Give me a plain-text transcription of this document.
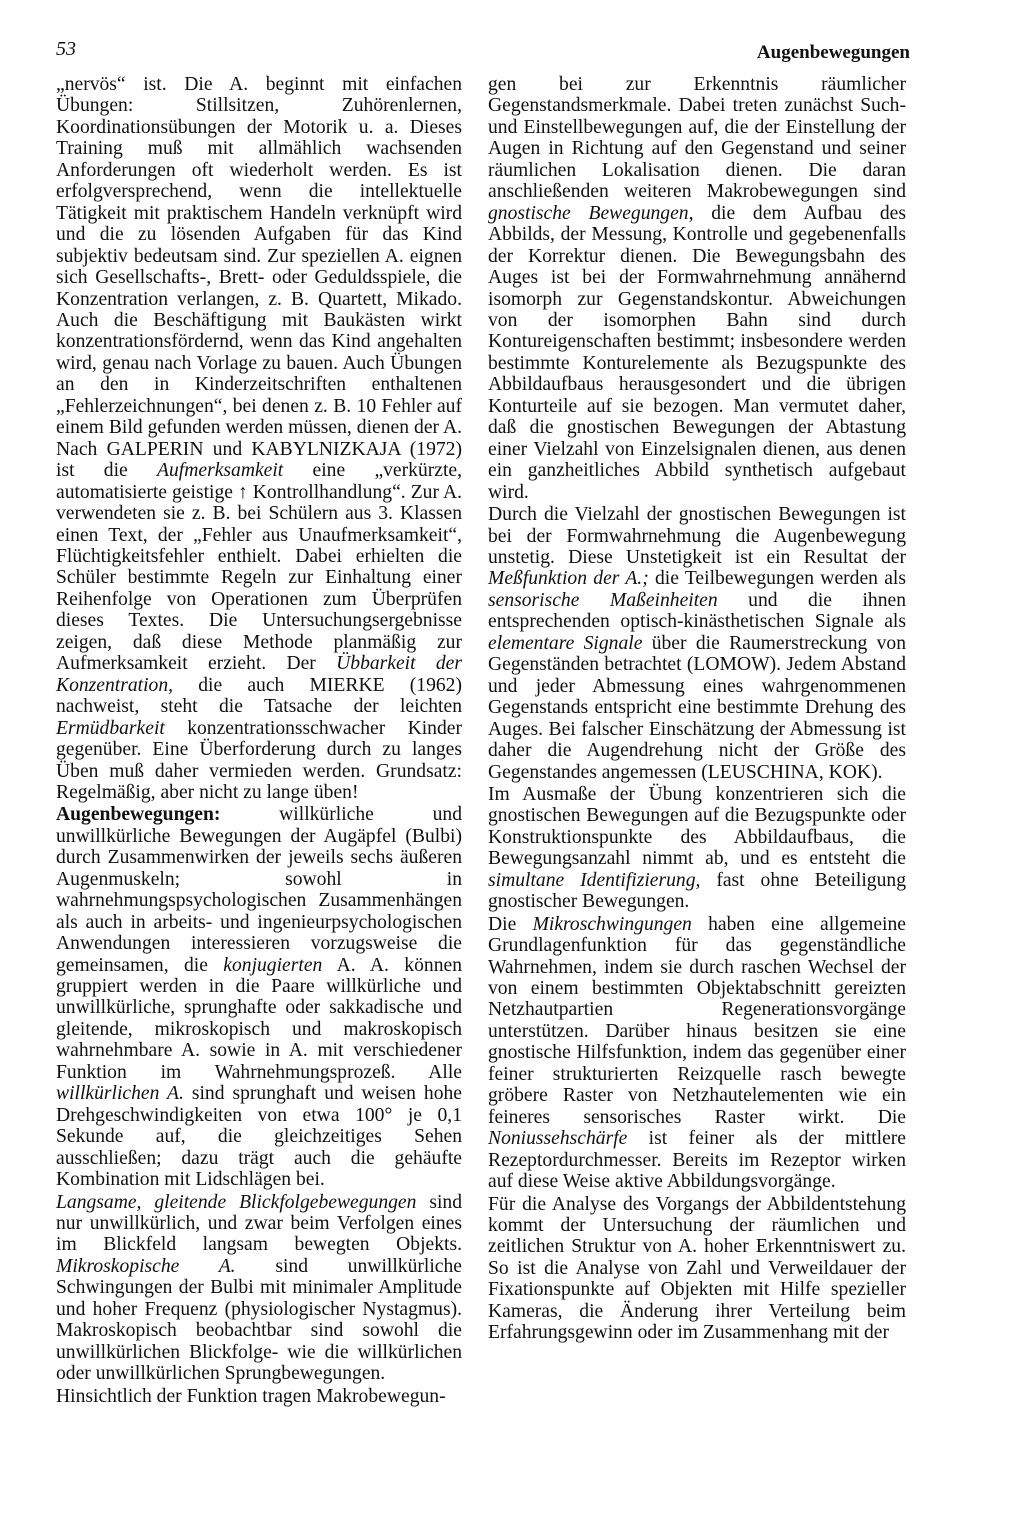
53	Augenbewegungen

„nervös“ ist. Die A. beginnt mit einfachen Übungen: Stillsitzen, Zuhörenlernen, Koordinationsübungen der Motorik u. a. Dieses Training muß mit allmählich wachsenden Anforderungen oft wiederholt werden. Es ist erfolgversprechend, wenn die intellektuelle Tätigkeit mit praktischem Handeln verknüpft wird und die zu lösenden Aufgaben für das Kind subjektiv bedeutsam sind. Zur speziellen A. eignen sich Gesellschafts-, Brett- oder Geduldsspiele, die Konzentration verlangen, z. B. Quartett, Mikado. Auch die Beschäftigung mit Baukästen wirkt konzentrationsfördernd, wenn das Kind angehalten wird, genau nach Vorlage zu bauen. Auch Übungen an den in Kinderzeitschriften enthaltenen „Fehlerzeichnungen“, bei denen z. B. 10 Fehler auf einem Bild gefunden werden müssen, dienen der A. Nach GALPERIN und KABYLNIZKAJA (1972) ist die Aufmerksamkeit eine „verkürzte, automatisierte geistige ↑ Kontrollhandlung“. Zur A. verwendeten sie z. B. bei Schülern aus 3. Klassen einen Text, der „Fehler aus Unaufmerksamkeit“, Flüchtigkeitsfehler enthielt. Dabei erhielten die Schüler bestimmte Regeln zur Einhaltung einer Reihenfolge von Operationen zum Überprüfen dieses Textes. Die Untersuchungsergebnisse zeigen, daß diese Methode planmäßig zur Aufmerksamkeit erzieht. Der Übbarkeit der Konzentration, die auch MIERKE (1962) nachweist, steht die Tatsache der leichten Ermüdbarkeit konzentrationsschwacher Kinder gegenüber. Eine Überforderung durch zu langes Üben muß daher vermieden werden. Grundsatz: Regelmäßig, aber nicht zu lange üben!

Augenbewegungen: willkürliche und unwillkürliche Bewegungen der Augäpfel (Bulbi) durch Zusammenwirken der jeweils sechs äußeren Augenmuskeln; sowohl in wahrnehmungspsychologischen Zusammenhängen als auch in arbeits- und ingenieurpsychologischen Anwendungen interessieren vorzugsweise die gemeinsamen, die konjugierten A. A. können gruppiert werden in die Paare willkürliche und unwillkürliche, sprunghafte oder sakkadische und gleitende, mikroskopisch und makroskopisch wahrnehmbare A. sowie in A. mit verschiedener Funktion im Wahrnehmungsprozeß. Alle willkürlichen A. sind sprunghaft und weisen hohe Drehgeschwindigkeiten von etwa 100° je 0,1 Sekunde auf, die gleichzeitiges Sehen ausschließen; dazu trägt auch die gehäufte Kombination mit Lidschlägen bei.

Langsame, gleitende Blickfolgebewegungen sind nur unwillkürlich, und zwar beim Verfolgen eines im Blickfeld langsam bewegten Objekts. Mikroskopische A. sind unwillkürliche Schwingungen der Bulbi mit minimaler Amplitude und hoher Frequenz (physiologischer Nystagmus). Makroskopisch beobachtbar sind sowohl die unwillkürlichen Blickfolge- wie die willkürlichen oder unwillkürlichen Sprungbewegungen.

Hinsichtlich der Funktion tragen Makrobewegun-

gen bei zur Erkenntnis räumlicher Gegenstandsmerkmale. Dabei treten zunächst Such- und Einstellbewegungen auf, die der Einstellung der Augen in Richtung auf den Gegenstand und seiner räumlichen Lokalisation dienen. Die daran anschließenden weiteren Makrobewegungen sind gnostische Bewegungen, die dem Aufbau des Abbilds, der Messung, Kontrolle und gegebenenfalls der Korrektur dienen. Die Bewegungsbahn des Auges ist bei der Formwahrnehmung annähernd isomorph zur Gegenstandskontur. Abweichungen von der isomorphen Bahn sind durch Kontureigenschaften bestimmt; insbesondere werden bestimmte Konturelemente als Bezugspunkte des Abbildaufbaus herausgesondert und die übrigen Konturteile auf sie bezogen. Man vermutet daher, daß die gnostischen Bewegungen der Abtastung einer Vielzahl von Einzelsignalen dienen, aus denen ein ganzheitliches Abbild synthetisch aufgebaut wird.

Durch die Vielzahl der gnostischen Bewegungen ist bei der Formwahrnehmung die Augenbewegung unstetig. Diese Unstetigkeit ist ein Resultat der Meßfunktion der A.; die Teilbewegungen werden als sensorische Maßeinheiten und die ihnen entsprechenden optisch-kinästhetischen Signale als elementare Signale über die Raumerstreckung von Gegenständen betrachtet (LOMOW). Jedem Abstand und jeder Abmessung eines wahrgenommenen Gegenstands entspricht eine bestimmte Drehung des Auges. Bei falscher Einschätzung der Abmessung ist daher die Augendrehung nicht der Größe des Gegenstandes angemessen (LEUSCHINA, KOK).

Im Ausmaße der Übung konzentrieren sich die gnostischen Bewegungen auf die Bezugspunkte oder Konstruktionspunkte des Abbildaufbaus, die Bewegungsanzahl nimmt ab, und es entsteht die simultane Identifizierung, fast ohne Beteiligung gnostischer Bewegungen.

Die Mikroschwingungen haben eine allgemeine Grundlagenfunktion für das gegenständliche Wahrnehmen, indem sie durch raschen Wechsel der von einem bestimmten Objektabschnitt gereizten Netzhautpartien Regenerationsvorgänge unterstützen. Darüber hinaus besitzen sie eine gnostische Hilfsfunktion, indem das gegenüber einer feiner strukturierten Reizquelle rasch bewegte gröbere Raster von Netzhautelementen wie ein feineres sensorisches Raster wirkt. Die Noniussehschärfe ist feiner als der mittlere Rezeptordurchmesser. Bereits im Rezeptor wirken auf diese Weise aktive Abbildungsvorgänge.

Für die Analyse des Vorgangs der Abbildentstehung kommt der Untersuchung der räumlichen und zeitlichen Struktur von A. hoher Erkenntniswert zu. So ist die Analyse von Zahl und Verweildauer der Fixationspunkte auf Objekten mit Hilfe spezieller Kameras, die Änderung ihrer Verteilung beim Erfahrungsgewinn oder im Zusammenhang mit der
